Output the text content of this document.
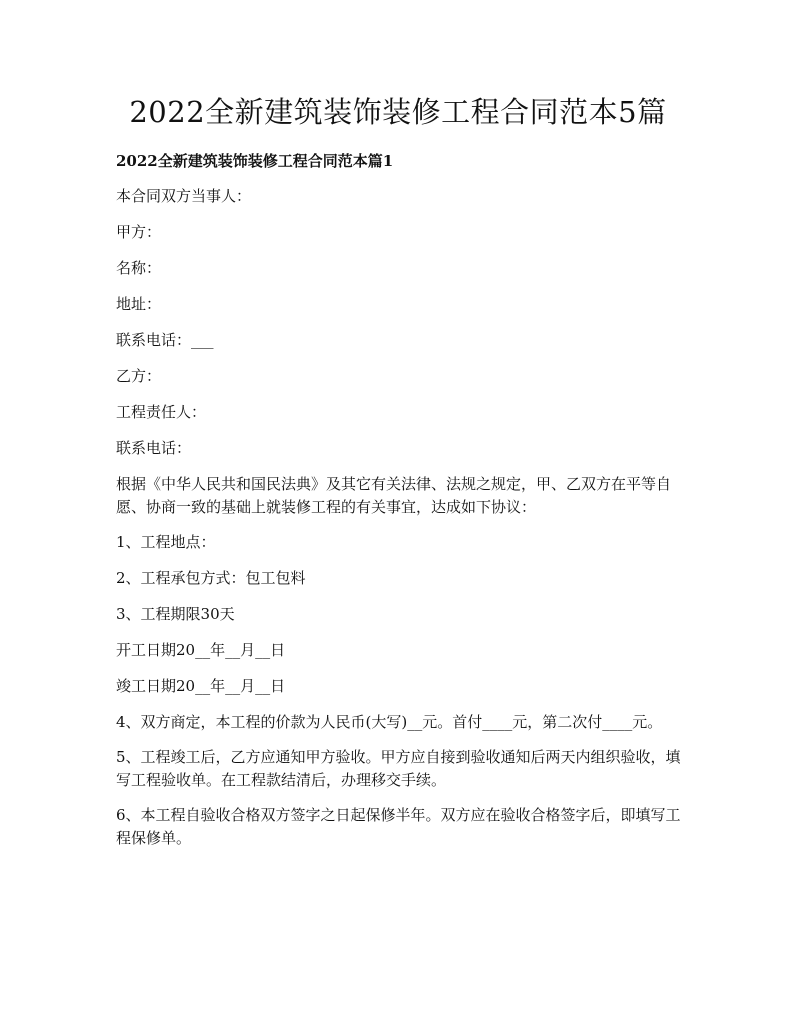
2022全新建筑装饰装修工程合同范本5篇
2022全新建筑装饰装修工程合同范本篇1

本合同双方当事人：

甲方：

名称：

地址：

联系电话：___

乙方：

工程责任人：

联系电话：

根据《中华人民共和国民法典》及其它有关法律、法规之规定，甲、乙双方在平等自愿、协商一致的基础上就装修工程的有关事宜，达成如下协议：

1、工程地点：

2、工程承包方式：包工包料

3、工程期限30天

开工日期20__年__月__日

竣工日期20__年__月__日

4、双方商定，本工程的价款为人民币(大写)__元。首付____元，第二次付____元。

5、工程竣工后，乙方应通知甲方验收。甲方应自接到验收通知后两天内组织验收，填写工程验收单。在工程款结清后，办理移交手续。

6、本工程自验收合格双方签字之日起保修半年。双方应在验收合格签字后，即填写工程保修单。
